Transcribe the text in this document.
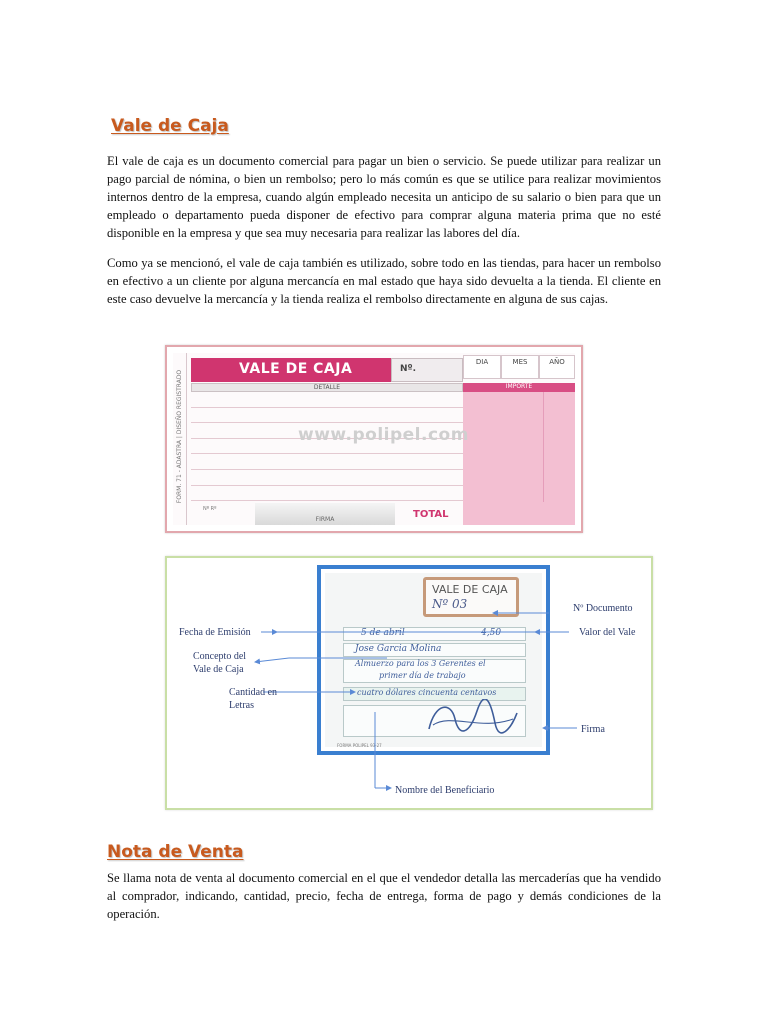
Vale de Caja

El vale de caja es un documento comercial para pagar un bien o servicio. Se puede utilizar para realizar un pago parcial de nómina, o bien un rembolso; pero lo más común es que se utilice para realizar movimientos internos dentro de la empresa, cuando algún empleado necesita un anticipo de su salario o bien para que un empleado o departamento pueda disponer de efectivo para comprar alguna materia prima que no esté disponible en la empresa y que sea muy necesaria para realizar las labores del día.

Como ya se mencionó, el vale de caja también es utilizado, sobre todo en las tiendas, para hacer un rembolso en efectivo a un cliente por alguna mercancía en mal estado que haya sido devuelta a la tienda. El cliente en este caso devuelve la mercancía y la tienda realiza el rembolso directamente en alguna de sus cajas.

FORM. 71 - ADASTRA | DISEÑO REGISTRADO
VALE DE CAJA	Nº.
DIA	MES	AÑO
DETALLE	IMPORTE
www.polipel.com
Nº Rº
FIRMA	TOTAL
VALE DE CAJA
Nº 03
5 de abril	4,50
Jose Garcia Molina
Almuerzo para los 3 Gerentes el
primer día de trabajo
cuatro dólares cincuenta centavos
FORMA POLIPEL 93-27
Nº Documento
Fecha de Emisión	Valor del Vale
Concepto del
Vale de Caja
Cantidad en
Letras
Firma
Nombre del Beneficiario
Nota de Venta

Se llama nota de venta al documento comercial en el que el vendedor detalla las mercaderías que ha vendido al comprador, indicando, cantidad, precio, fecha de entrega, forma de pago y demás condiciones de la operación.
